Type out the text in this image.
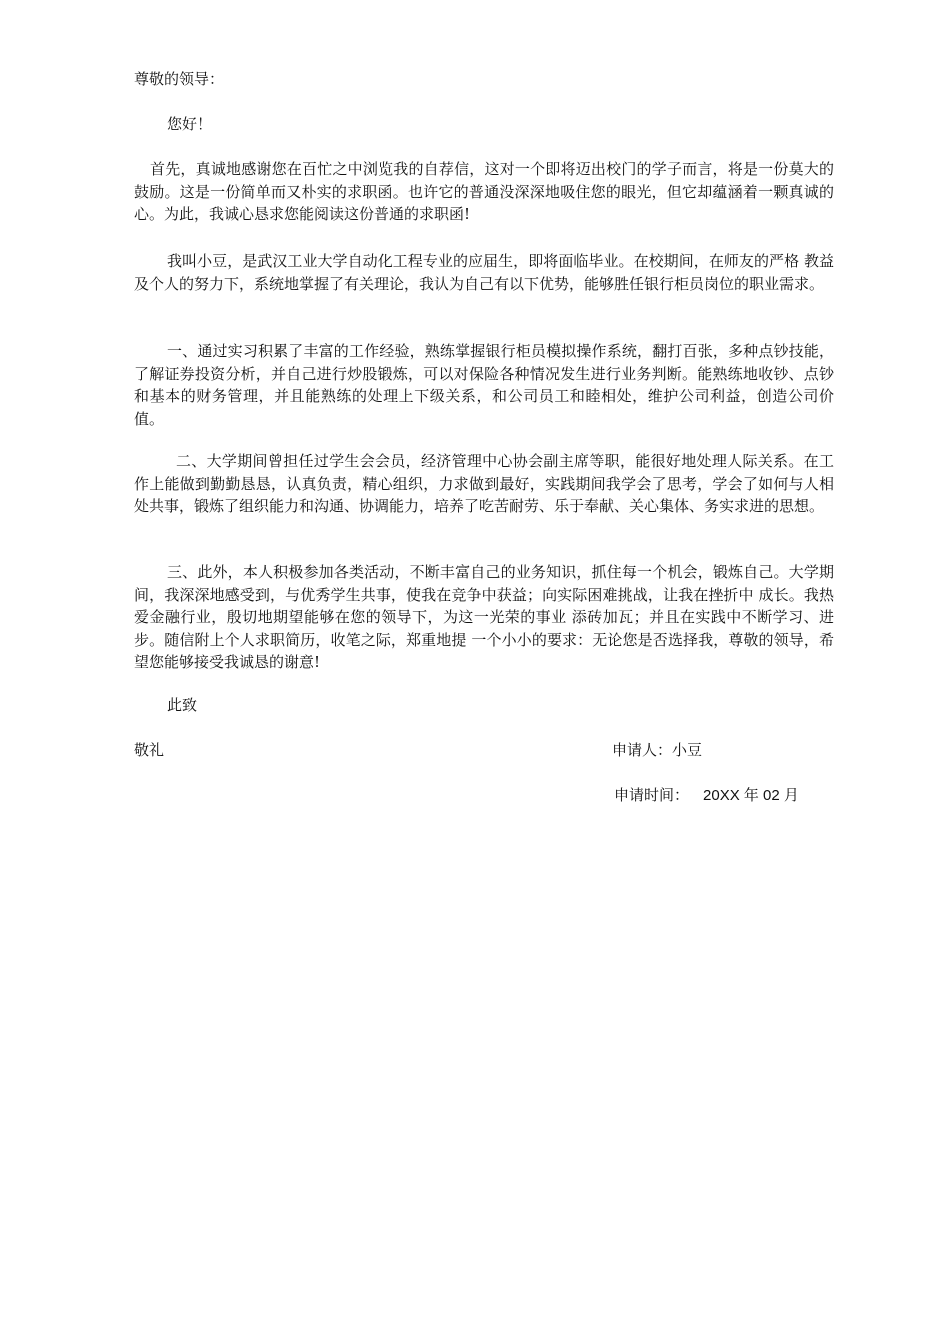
尊敬的领导：
您好！

首先，真诚地感谢您在百忙之中浏览我的自荐信，这对一个即将迈出校门的学子而言，将是一份莫大的鼓励。这是一份简单而又朴实的求职函。也许它的普通没深深地吸住您的眼光，但它却蕴涵着一颗真诚的心。为此，我诚心恳求您能阅读这份普通的求职函!

我叫小豆，是武汉工业大学自动化工程专业的应届生，即将面临毕业。在校期间，在师友的严格 教益及个人的努力下，系统地掌握了有关理论，我认为自己有以下优势，能够胜任银行柜员岗位的职业需求。

一、通过实习积累了丰富的工作经验，熟练掌握银行柜员模拟操作系统，翻打百张，多种点钞技能，了解证券投资分析，并自己进行炒股锻炼，可以对保险各种情况发生进行业务判断。能熟练地收钞、点钞和基本的财务管理，并且能熟练的处理上下级关系，和公司员工和睦相处，维护公司利益，创造公司价值。

二、大学期间曾担任过学生会会员，经济管理中心协会副主席等职，能很好地处理人际关系。在工作上能做到勤勤恳恳，认真负责，精心组织，力求做到最好，实践期间我学会了思考，学会了如何与人相处共事，锻炼了组织能力和沟通、协调能力，培养了吃苦耐劳、乐于奉献、关心集体、务实求进的思想。

三、此外，本人积极参加各类活动，不断丰富自己的业务知识，抓住每一个机会，锻炼自己。大学期间，我深深地感受到，与优秀学生共事，使我在竞争中获益；向实际困难挑战，让我在挫折中 成长。我热爱金融行业，殷切地期望能够在您的领导下，为这一光荣的事业 添砖加瓦；并且在实践中不断学习、进步。随信附上个人求职简历，收笔之际，郑重地提 一个小小的要求：无论您是否选择我，尊敬的领导，希望您能够接受我诚恳的谢意!

此致
敬礼	申请人：小豆
申请时间： 20XX 年 02 月
